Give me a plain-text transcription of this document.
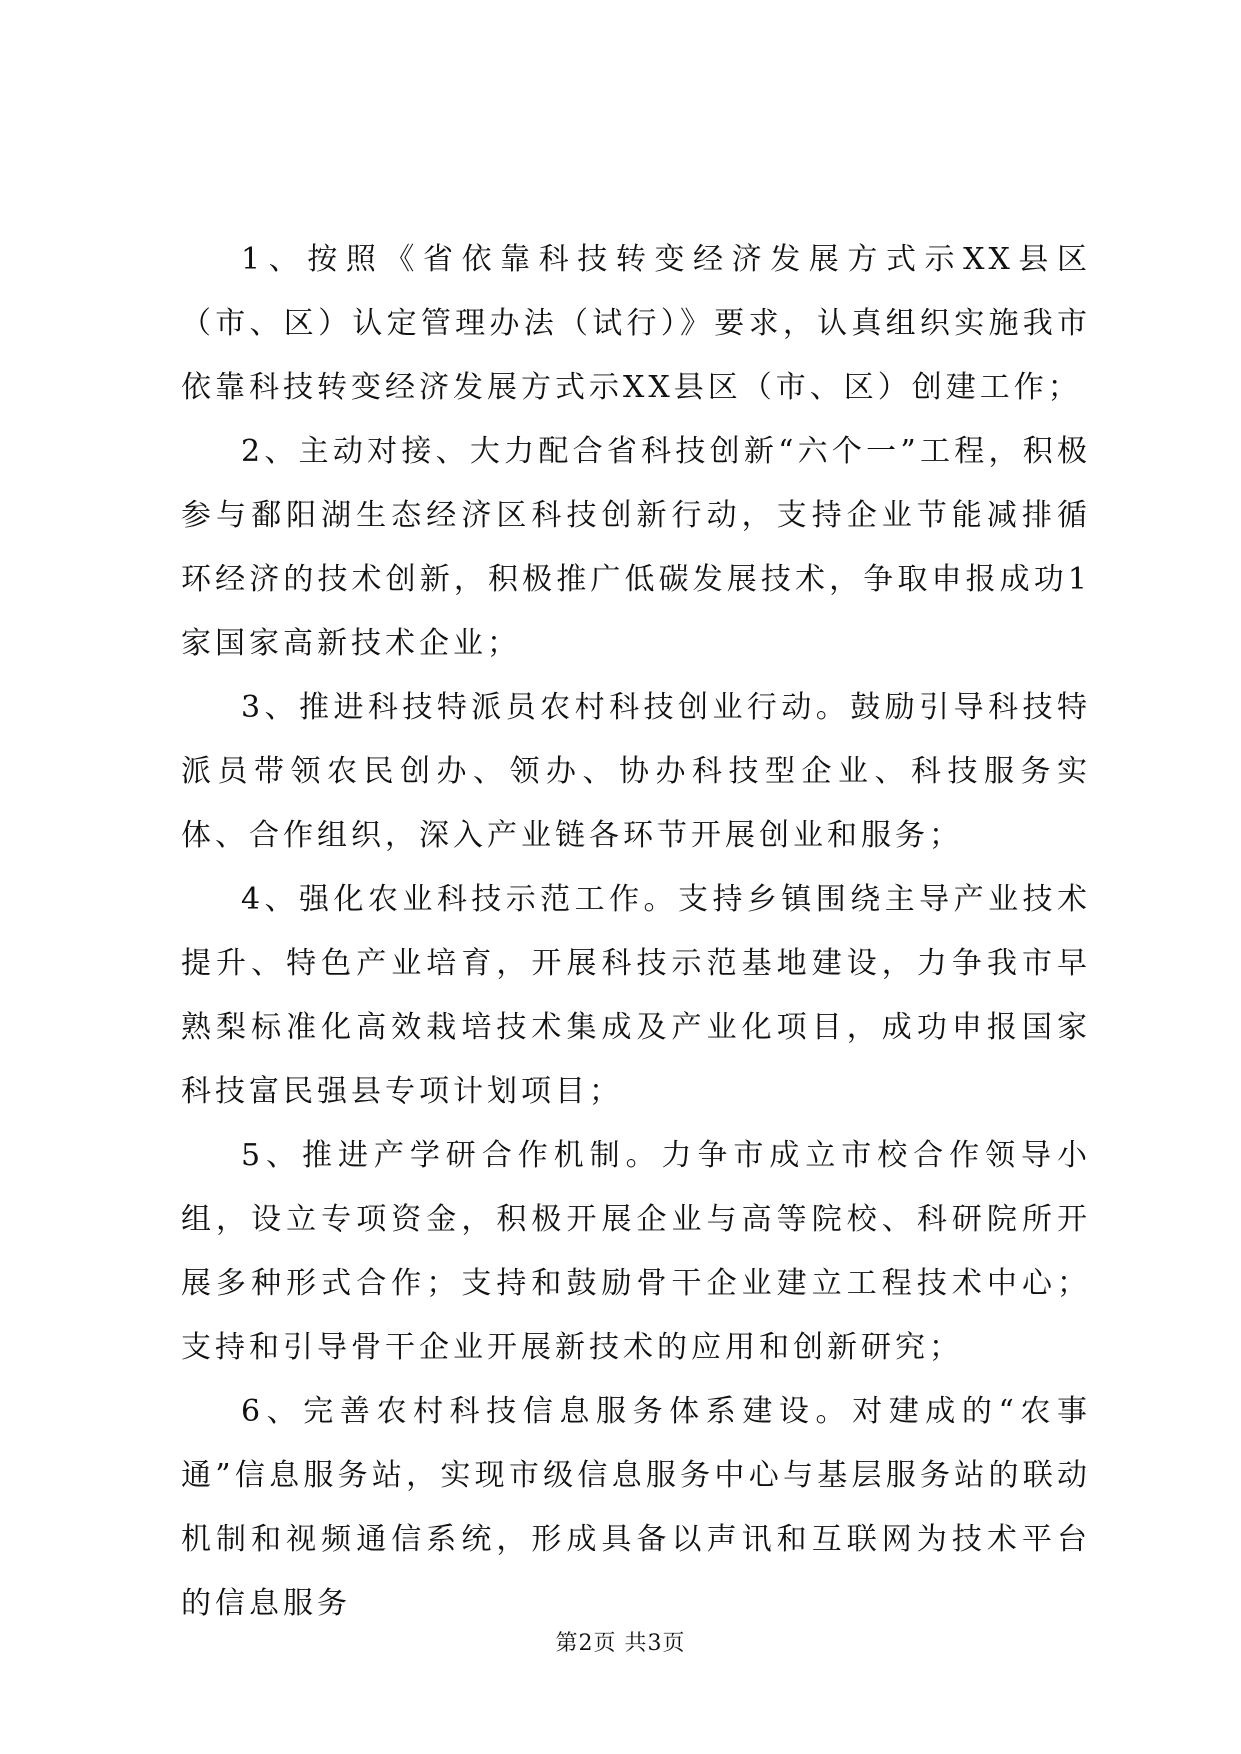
1、按照《省依靠科技转变经济发展方式示XX县区（市、区）认定管理办法（试行）》要求，认真组织实施我市依靠科技转变经济发展方式示XX县区（市、区）创建工作；

2、主动对接、大力配合省科技创新“六个一”工程，积极参与鄱阳湖生态经济区科技创新行动，支持企业节能减排循环经济的技术创新，积极推广低碳发展技术，争取申报成功1家国家高新技术企业；

3、推进科技特派员农村科技创业行动。鼓励引导科技特派员带领农民创办、领办、协办科技型企业、科技服务实体、合作组织，深入产业链各环节开展创业和服务；

4、强化农业科技示范工作。支持乡镇围绕主导产业技术提升、特色产业培育，开展科技示范基地建设，力争我市早熟梨标准化高效栽培技术集成及产业化项目，成功申报国家科技富民强县专项计划项目；

5、推进产学研合作机制。力争市成立市校合作领导小组，设立专项资金，积极开展企业与高等院校、科研院所开展多种形式合作；支持和鼓励骨干企业建立工程技术中心；支持和引导骨干企业开展新技术的应用和创新研究；

6、完善农村科技信息服务体系建设。对建成的“农事通”信息服务站，实现市级信息服务中心与基层服务站的联动机制和视频通信系统，形成具备以声讯和互联网为技术平台的信息服务

第2页 共3页
